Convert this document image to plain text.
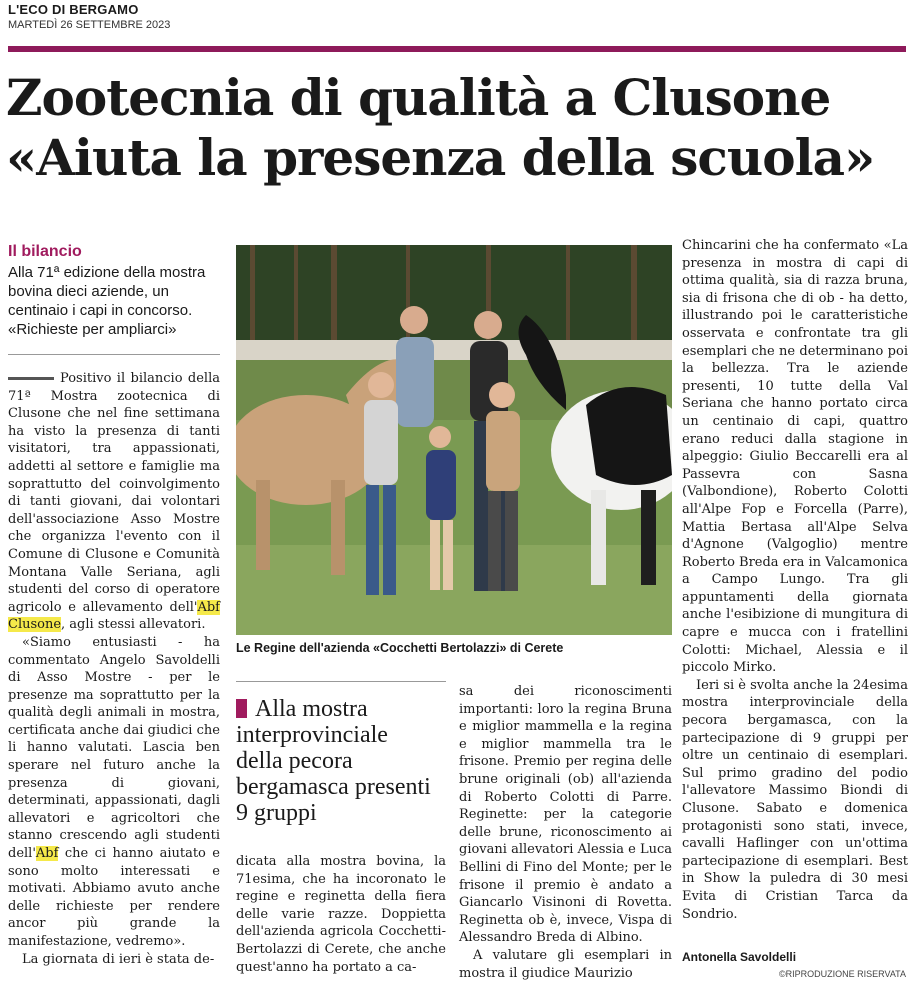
L'ECO DI BERGAMO
MARTEDÌ 26 SETTEMBRE 2023
Zootecnia di qualità a Clusone
«Aiuta la presenza della scuola»
Il bilancio
Alla 71ª edizione della mostra bovina dieci aziende, un centinaio i capi in concorso. «Richieste per ampliarci»

Positivo il bilancio della 71ª Mostra zootecnica di Clusone che nel fine settimana ha visto la presenza di tanti visitatori, tra appassionati, addetti al settore e famiglie ma soprattutto del coinvolgimento di tanti giovani, dai volontari dell'associazione Asso Mostre che organizza l'evento con il Comune di Clusone e Comunità Montana Valle Seriana, agli studenti del corso di operatore agricolo e allevamento dell'Abf Clusone, agli stessi allevatori.

«Siamo entusiasti - ha commentato Angelo Savoldelli di Asso Mostre - per le presenze ma soprattutto per la qualità degli animali in mostra, certificata anche dai giudici che li hanno valutati. Lascia ben sperare nel futuro anche la presenza di giovani, determinati, appassionati, dagli allevatori e agricoltori che stanno crescendo agli studenti dell'Abf che ci hanno aiutato e sono molto interessati e motivati. Abbiamo avuto anche delle richieste per rendere ancor più grande la manifestazione, vedremo».

La giornata di ieri è stata de-

Le Regine dell'azienda «Cocchetti Bertolazzi» di Cerete
Alla mostra interprovinciale della pecora bergamasca presenti 9 gruppi

dicata alla mostra bovina, la 71esima, che ha incoronato le regine e reginetta della fiera delle varie razze. Doppietta dell'azienda agricola Cocchetti-Bertolazzi di Cerete, che anche quest'anno ha portato a ca-

sa dei riconoscimenti importanti: loro la regina Bruna e miglior mammella e la regina e miglior mammella tra le frisone. Premio per regina delle brune originali (ob) all'azienda di Roberto Colotti di Parre. Reginette: per la categorie delle brune, riconoscimento ai giovani allevatori Alessia e Luca Bellini di Fino del Monte; per le frisone il premio è andato a Giancarlo Visinoni di Rovetta. Reginetta ob è, invece, Vispa di Alessandro Breda di Albino.

A valutare gli esemplari in mostra il giudice Maurizio

Chincarini che ha confermato «La presenza in mostra di capi di ottima qualità, sia di razza bruna, sia di frisona che di ob - ha detto, illustrando poi le caratteristiche osservata e confrontate tra gli esemplari che ne determinano poi la bellezza. Tra le aziende presenti, 10 tutte della Val Seriana che hanno portato circa un centinaio di capi, quattro erano reduci dalla stagione in alpeggio: Giulio Beccarelli era al Passevra con Sasna (Valbondione), Roberto Colotti all'Alpe Fop e Forcella (Parre), Mattia Bertasa all'Alpe Selva d'Agnone (Valgoglio) mentre Roberto Breda era in Valcamonica a Campo Lungo. Tra gli appuntamenti della giornata anche l'esibizione di mungitura di capre e mucca con i fratellini Colotti: Michael, Alessia e il piccolo Mirko.

Ieri si è svolta anche la 24esima mostra interprovinciale della pecora bergamasca, con la partecipazione di 9 gruppi per oltre un centinaio di esemplari. Sul primo gradino del podio l'allevatore Massimo Biondi di Clusone. Sabato e domenica protagonisti sono stati, invece, cavalli Haflinger con un'ottima partecipazione di esemplari. Best in Show la puledra di 30 mesi Evita di Cristian Tarca da Sondrio.

Antonella Savoldelli
©RIPRODUZIONE RISERVATA
